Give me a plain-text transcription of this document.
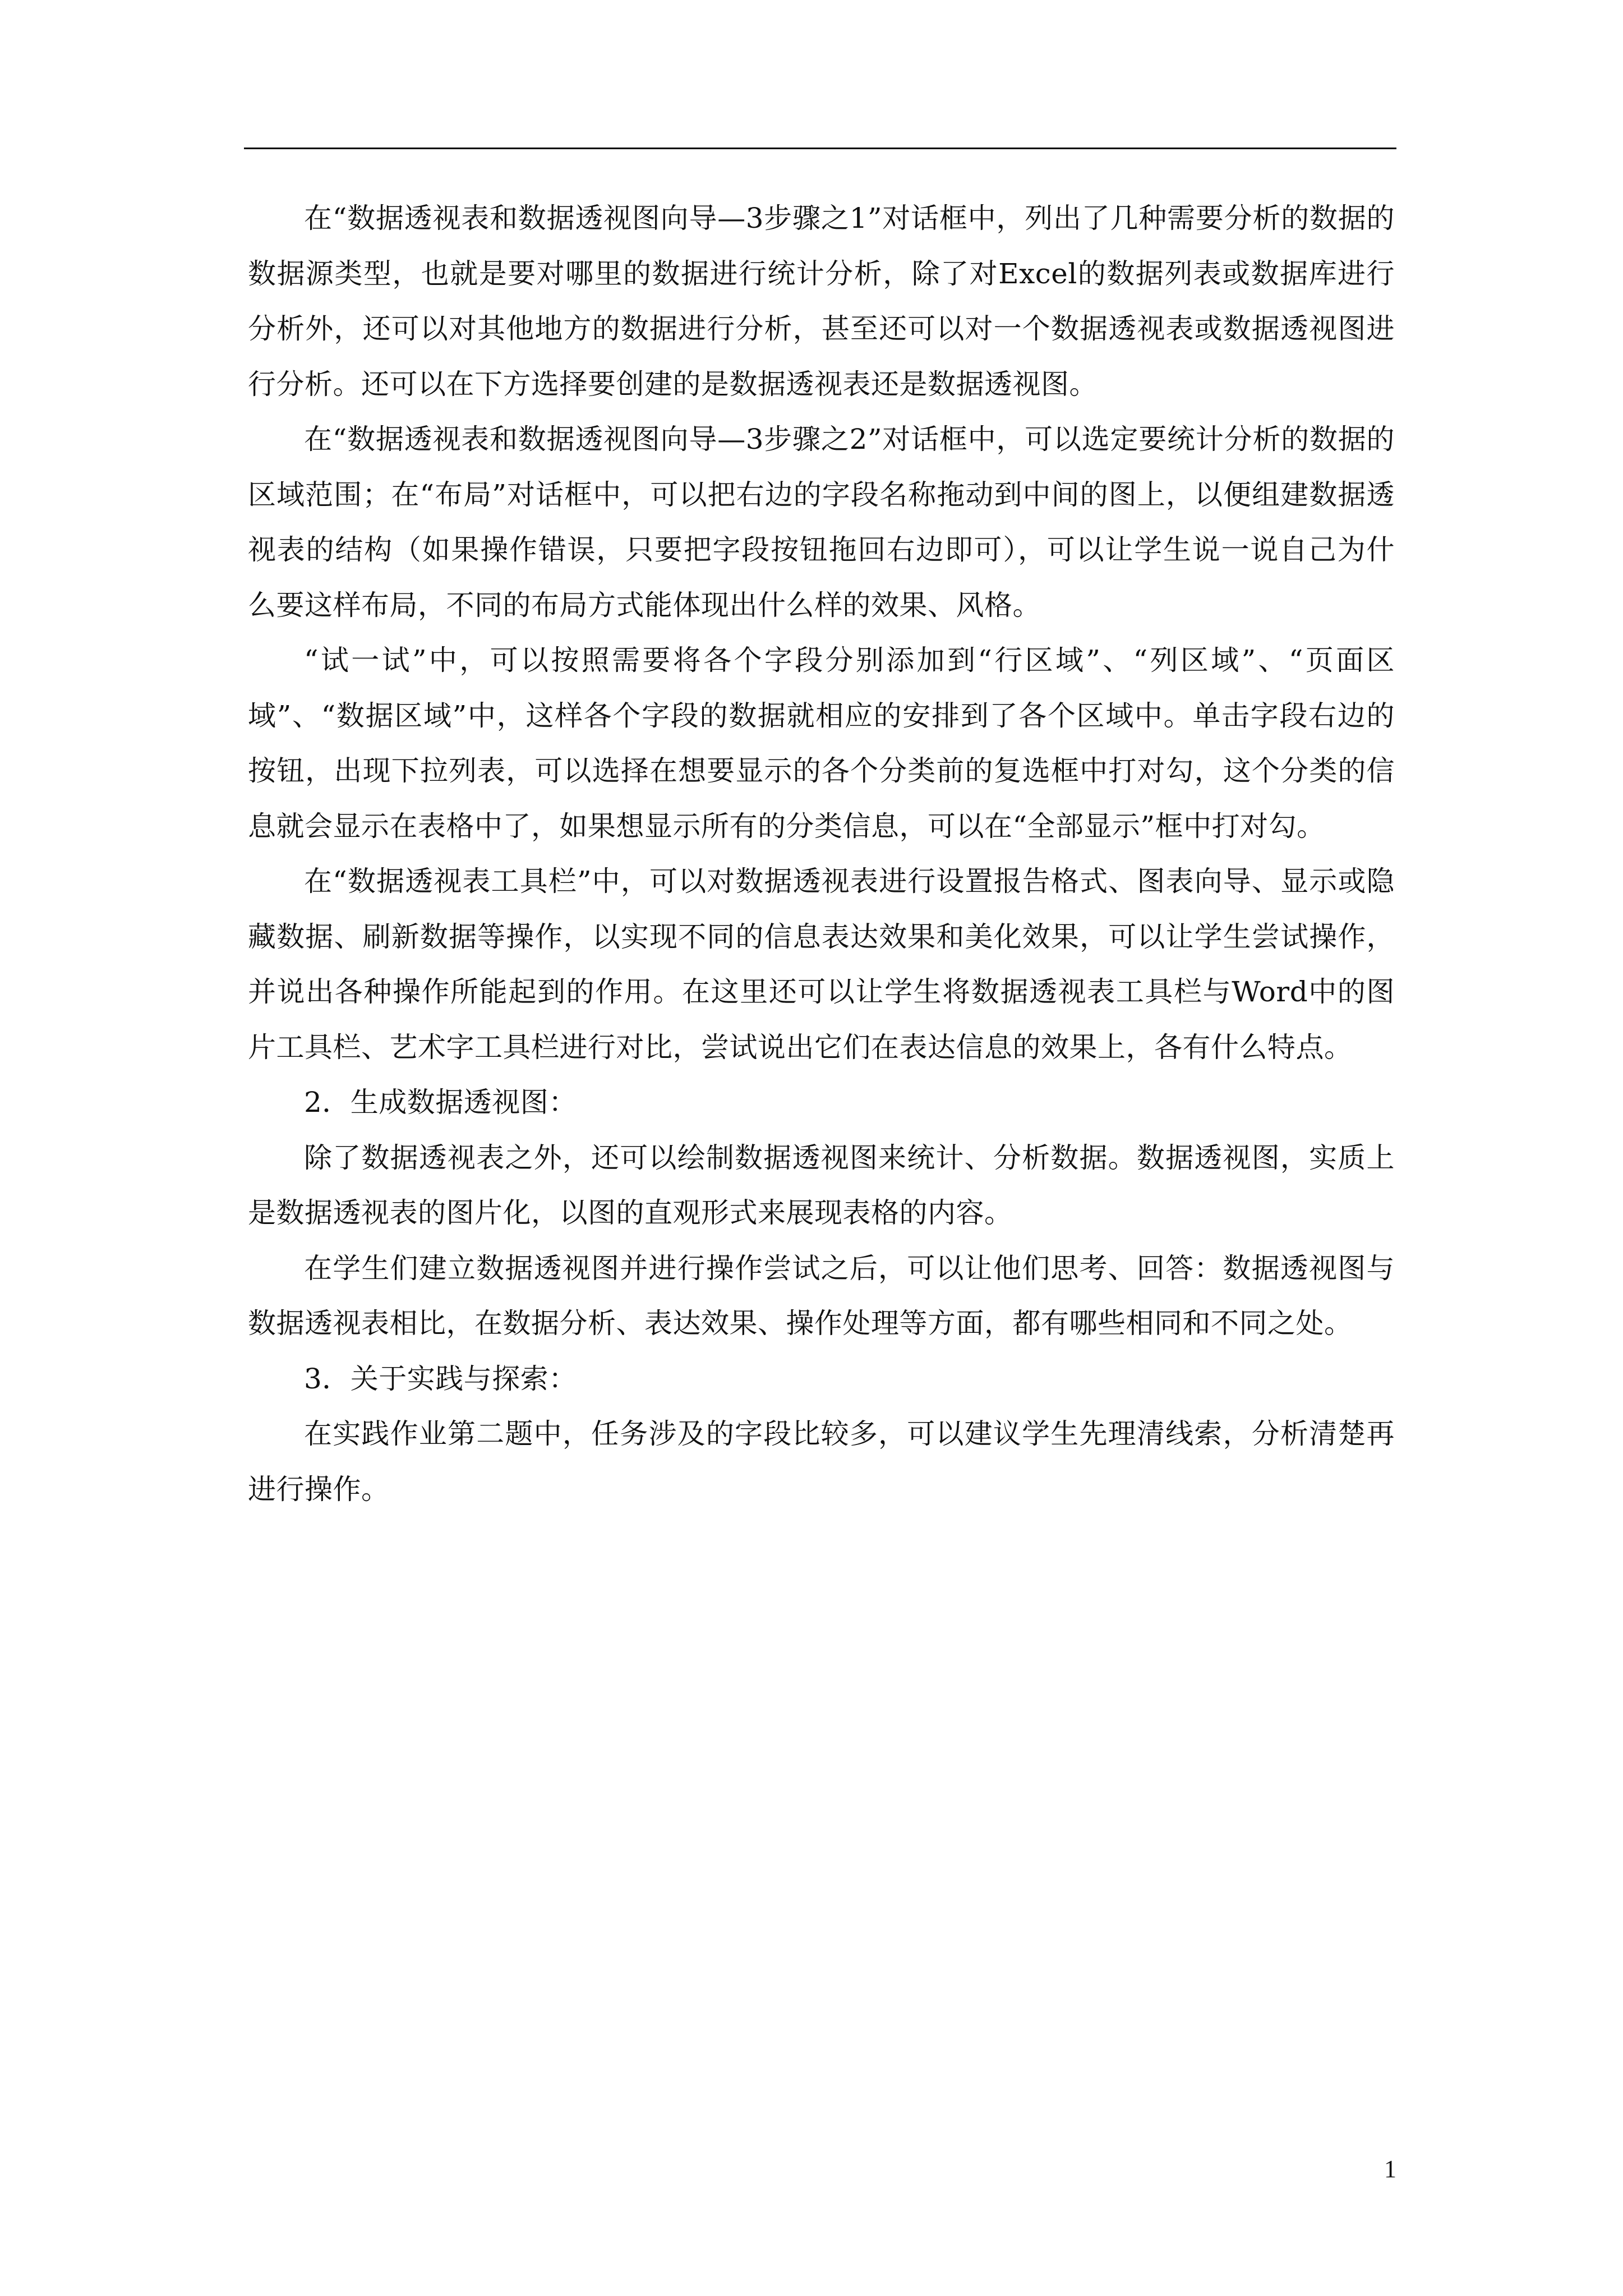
在“数据透视表和数据透视图向导—3步骤之1”对话框中，列出了几种需要分析的数据的数据源类型，也就是要对哪里的数据进行统计分析，除了对Excel的数据列表或数据库进行分析外，还可以对其他地方的数据进行分析，甚至还可以对一个数据透视表或数据透视图进行分析。还可以在下方选择要创建的是数据透视表还是数据透视图。

在“数据透视表和数据透视图向导—3步骤之2”对话框中，可以选定要统计分析的数据的区域范围；在“布局”对话框中，可以把右边的字段名称拖动到中间的图上，以便组建数据透视表的结构（如果操作错误，只要把字段按钮拖回右边即可），可以让学生说一说自己为什么要这样布局，不同的布局方式能体现出什么样的效果、风格。

“试一试”中，可以按照需要将各个字段分别添加到“行区域”、“列区域”、“页面区域”、“数据区域”中，这样各个字段的数据就相应的安排到了各个区域中。单击字段右边的按钮，出现下拉列表，可以选择在想要显示的各个分类前的复选框中打对勾，这个分类的信息就会显示在表格中了，如果想显示所有的分类信息，可以在“全部显示”框中打对勾。

在“数据透视表工具栏”中，可以对数据透视表进行设置报告格式、图表向导、显示或隐藏数据、刷新数据等操作，以实现不同的信息表达效果和美化效果，可以让学生尝试操作，并说出各种操作所能起到的作用。在这里还可以让学生将数据透视表工具栏与Word中的图片工具栏、艺术字工具栏进行对比，尝试说出它们在表达信息的效果上，各有什么特点。

2．生成数据透视图：

除了数据透视表之外，还可以绘制数据透视图来统计、分析数据。数据透视图，实质上是数据透视表的图片化，以图的直观形式来展现表格的内容。

在学生们建立数据透视图并进行操作尝试之后，可以让他们思考、回答：数据透视图与数据透视表相比，在数据分析、表达效果、操作处理等方面，都有哪些相同和不同之处。

3．关于实践与探索：

在实践作业第二题中，任务涉及的字段比较多，可以建议学生先理清线索，分析清楚再进行操作。

1
